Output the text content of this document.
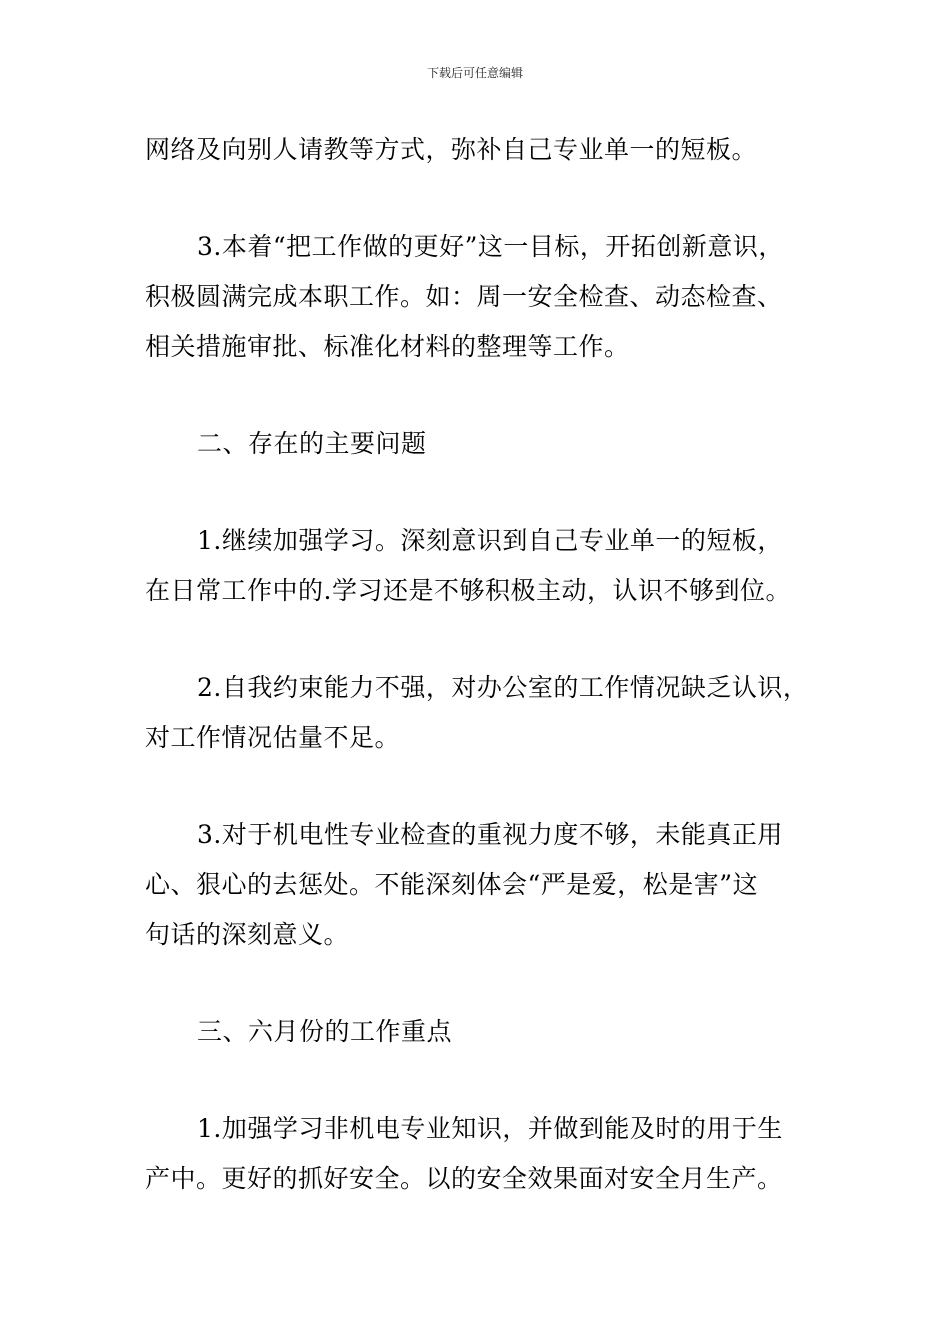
下载后可任意编辑
网络及向别人请教等方式，弥补自己专业单一的短板。
3.本着“把工作做的更好”这一目标，开拓创新意识，
积极圆满完成本职工作。如：周一安全检查、动态检查、
相关措施审批、标准化材料的整理等工作。
二、存在的主要问题
1.继续加强学习。深刻意识到自己专业单一的短板，
在日常工作中的.学习还是不够积极主动，认识不够到位。
2.自我约束能力不强，对办公室的工作情况缺乏认识，
对工作情况估量不足。
3.对于机电性专业检查的重视力度不够，未能真正用
心、狠心的去惩处。不能深刻体会“严是爱，松是害”这
句话的深刻意义。
三、六月份的工作重点
1.加强学习非机电专业知识，并做到能及时的用于生
产中。更好的抓好安全。以的安全效果面对安全月生产。
